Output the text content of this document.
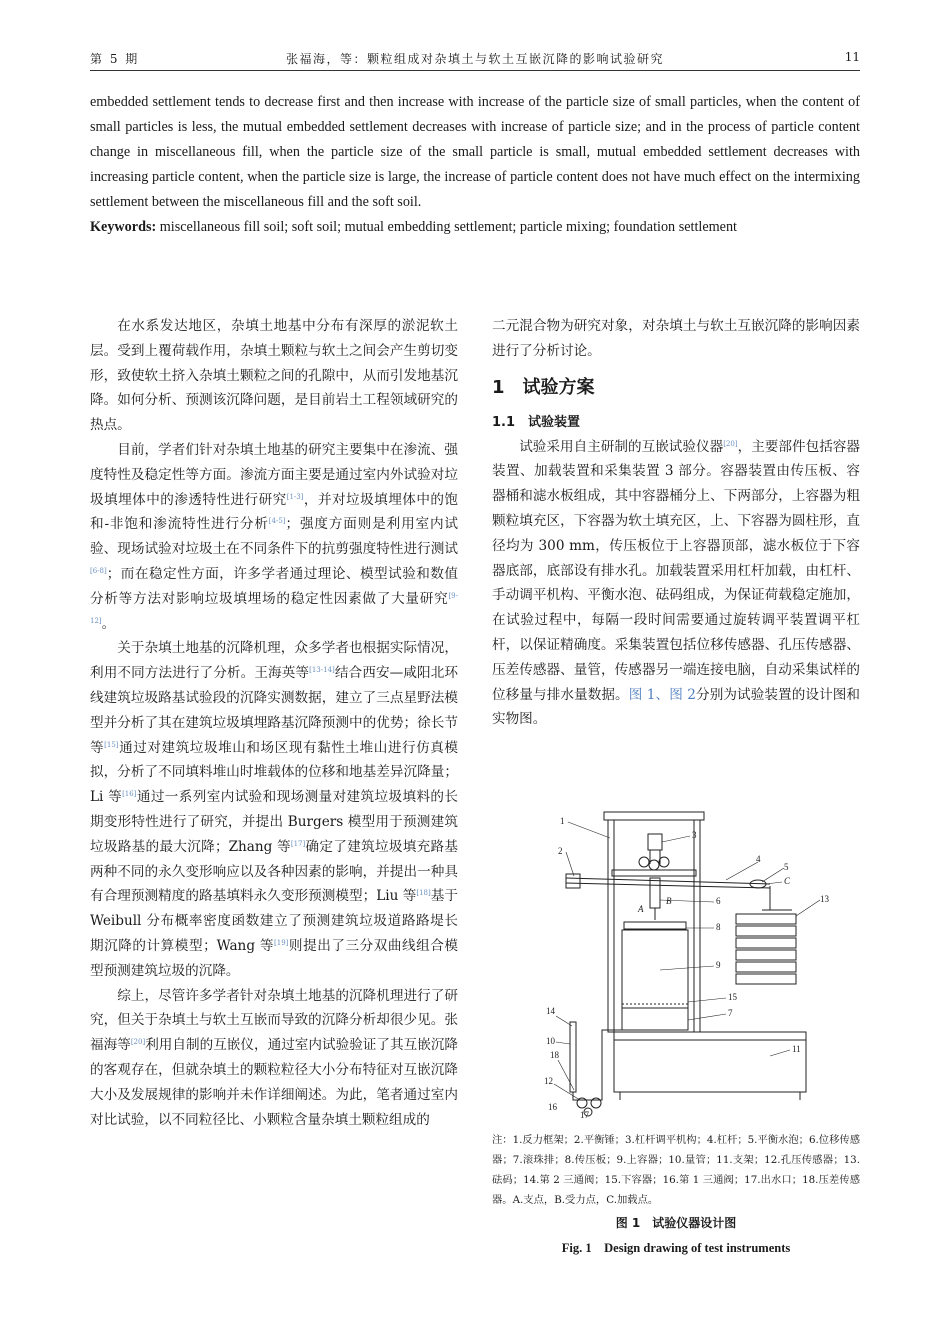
第 5 期	张福海，等：颗粒组成对杂填土与软土互嵌沉降的影响试验研究	11

embedded settlement tends to decrease first and then increase with increase of the particle size of small particles, when the content of small particles is less, the mutual embedded settlement decreases with increase of particle size; and in the process of particle content change in miscellaneous fill, when the particle size of the small particle is small, mutual embedded settlement decreases with increasing particle content, when the particle size is large, the increase of particle content does not have much effect on the intermixing settlement between the miscellaneous fill and the soft soil.

Keywords: miscellaneous fill soil; soft soil; mutual embedding settlement; particle mixing; foundation settlement

在水系发达地区，杂填土地基中分布有深厚的淤泥软土层。受到上覆荷载作用，杂填土颗粒与软土之间会产生剪切变形，致使软土挤入杂填土颗粒之间的孔隙中，从而引发地基沉降。如何分析、预测该沉降问题，是目前岩土工程领域研究的热点。

目前，学者们针对杂填土地基的研究主要集中在渗流、强度特性及稳定性等方面。渗流方面主要是通过室内外试验对垃圾填埋体中的渗透特性进行研究[1-3]，并对垃圾填埋体中的饱和-非饱和渗流特性进行分析[4-5]；强度方面则是利用室内试验、现场试验对垃圾土在不同条件下的抗剪强度特性进行测试[6-8]；而在稳定性方面，许多学者通过理论、模型试验和数值分析等方法对影响垃圾填埋场的稳定性因素做了大量研究[9-12]。

关于杂填土地基的沉降机理，众多学者也根据实际情况，利用不同方法进行了分析。王海英等[13-14]结合西安—咸阳北环线建筑垃圾路基试验段的沉降实测数据，建立了三点星野法模型并分析了其在建筑垃圾填埋路基沉降预测中的优势；徐长节等[15]通过对建筑垃圾堆山和场区现有黏性土堆山进行仿真模拟，分析了不同填料堆山时堆载体的位移和地基差异沉降量；Li 等[16]通过一系列室内试验和现场测量对建筑垃圾填料的长期变形特性进行了研究，并提出 Burgers 模型用于预测建筑垃圾路基的最大沉降；Zhang 等[17]确定了建筑垃圾填充路基两种不同的永久变形响应以及各种因素的影响，并提出一种具有合理预测精度的路基填料永久变形预测模型；Liu 等[18]基于 Weibull 分布概率密度函数建立了预测建筑垃圾道路路堤长期沉降的计算模型；Wang 等[19]则提出了三分双曲线组合模型预测建筑垃圾的沉降。

综上，尽管许多学者针对杂填土地基的沉降机理进行了研究，但关于杂填土与软土互嵌而导致的沉降分析却很少见。张福海等[20]利用自制的互嵌仪，通过室内试验验证了其互嵌沉降的客观存在，但就杂填土的颗粒粒径大小分布特征对互嵌沉降大小及发展规律的影响并未作详细阐述。为此，笔者通过室内对比试验，以不同粒径比、小颗粒含量杂填土颗粒组成的

二元混合物为研究对象，对杂填土与软土互嵌沉降的影响因素进行了分析讨论。

1　试验方案
1.1　试验装置

试验采用自主研制的互嵌试验仪器[20]，主要部件包括容器装置、加载装置和采集装置 3 部分。容器装置由传压板、容器桶和滤水板组成，其中容器桶分上、下两部分，上容器为粗颗粒填充区，下容器为软土填充区，上、下容器为圆柱形，直径均为 300 mm，传压板位于上容器顶部，滤水板位于下容器底部，底部设有排水孔。加载装置采用杠杆加载，由杠杆、手动调平机构、平衡水泡、砝码组成，为保证荷载稳定施加，在试验过程中，每隔一段时间需要通过旋转调平装置调平杠杆，以保证精确度。采集装置包括位移传感器、孔压传感器、压差传感器、量管，传感器另一端连接电脑，自动采集试样的位移量与排水量数据。图 1、图 2分别为试验装置的设计图和实物图。

1
2
3
4
5
C
13
6
A
B
8
9
15
7
14
10
11
18
12
16
17
注：1.反力框架；2.平衡锤；3.杠杆调平机构；4.杠杆；5.平衡水泡；6.位移传感器；7.滚珠排；8.传压板；9.上容器；10.量管；11.支架；12.孔压传感器；13.砝码；14.第 2 三通阀；15.下容器；16.第 1 三通阀；17.出水口；18.压差传感器。A.支点，B.受力点，C.加载点。
图 1　试验仪器设计图
Fig. 1　Design drawing of test instruments
